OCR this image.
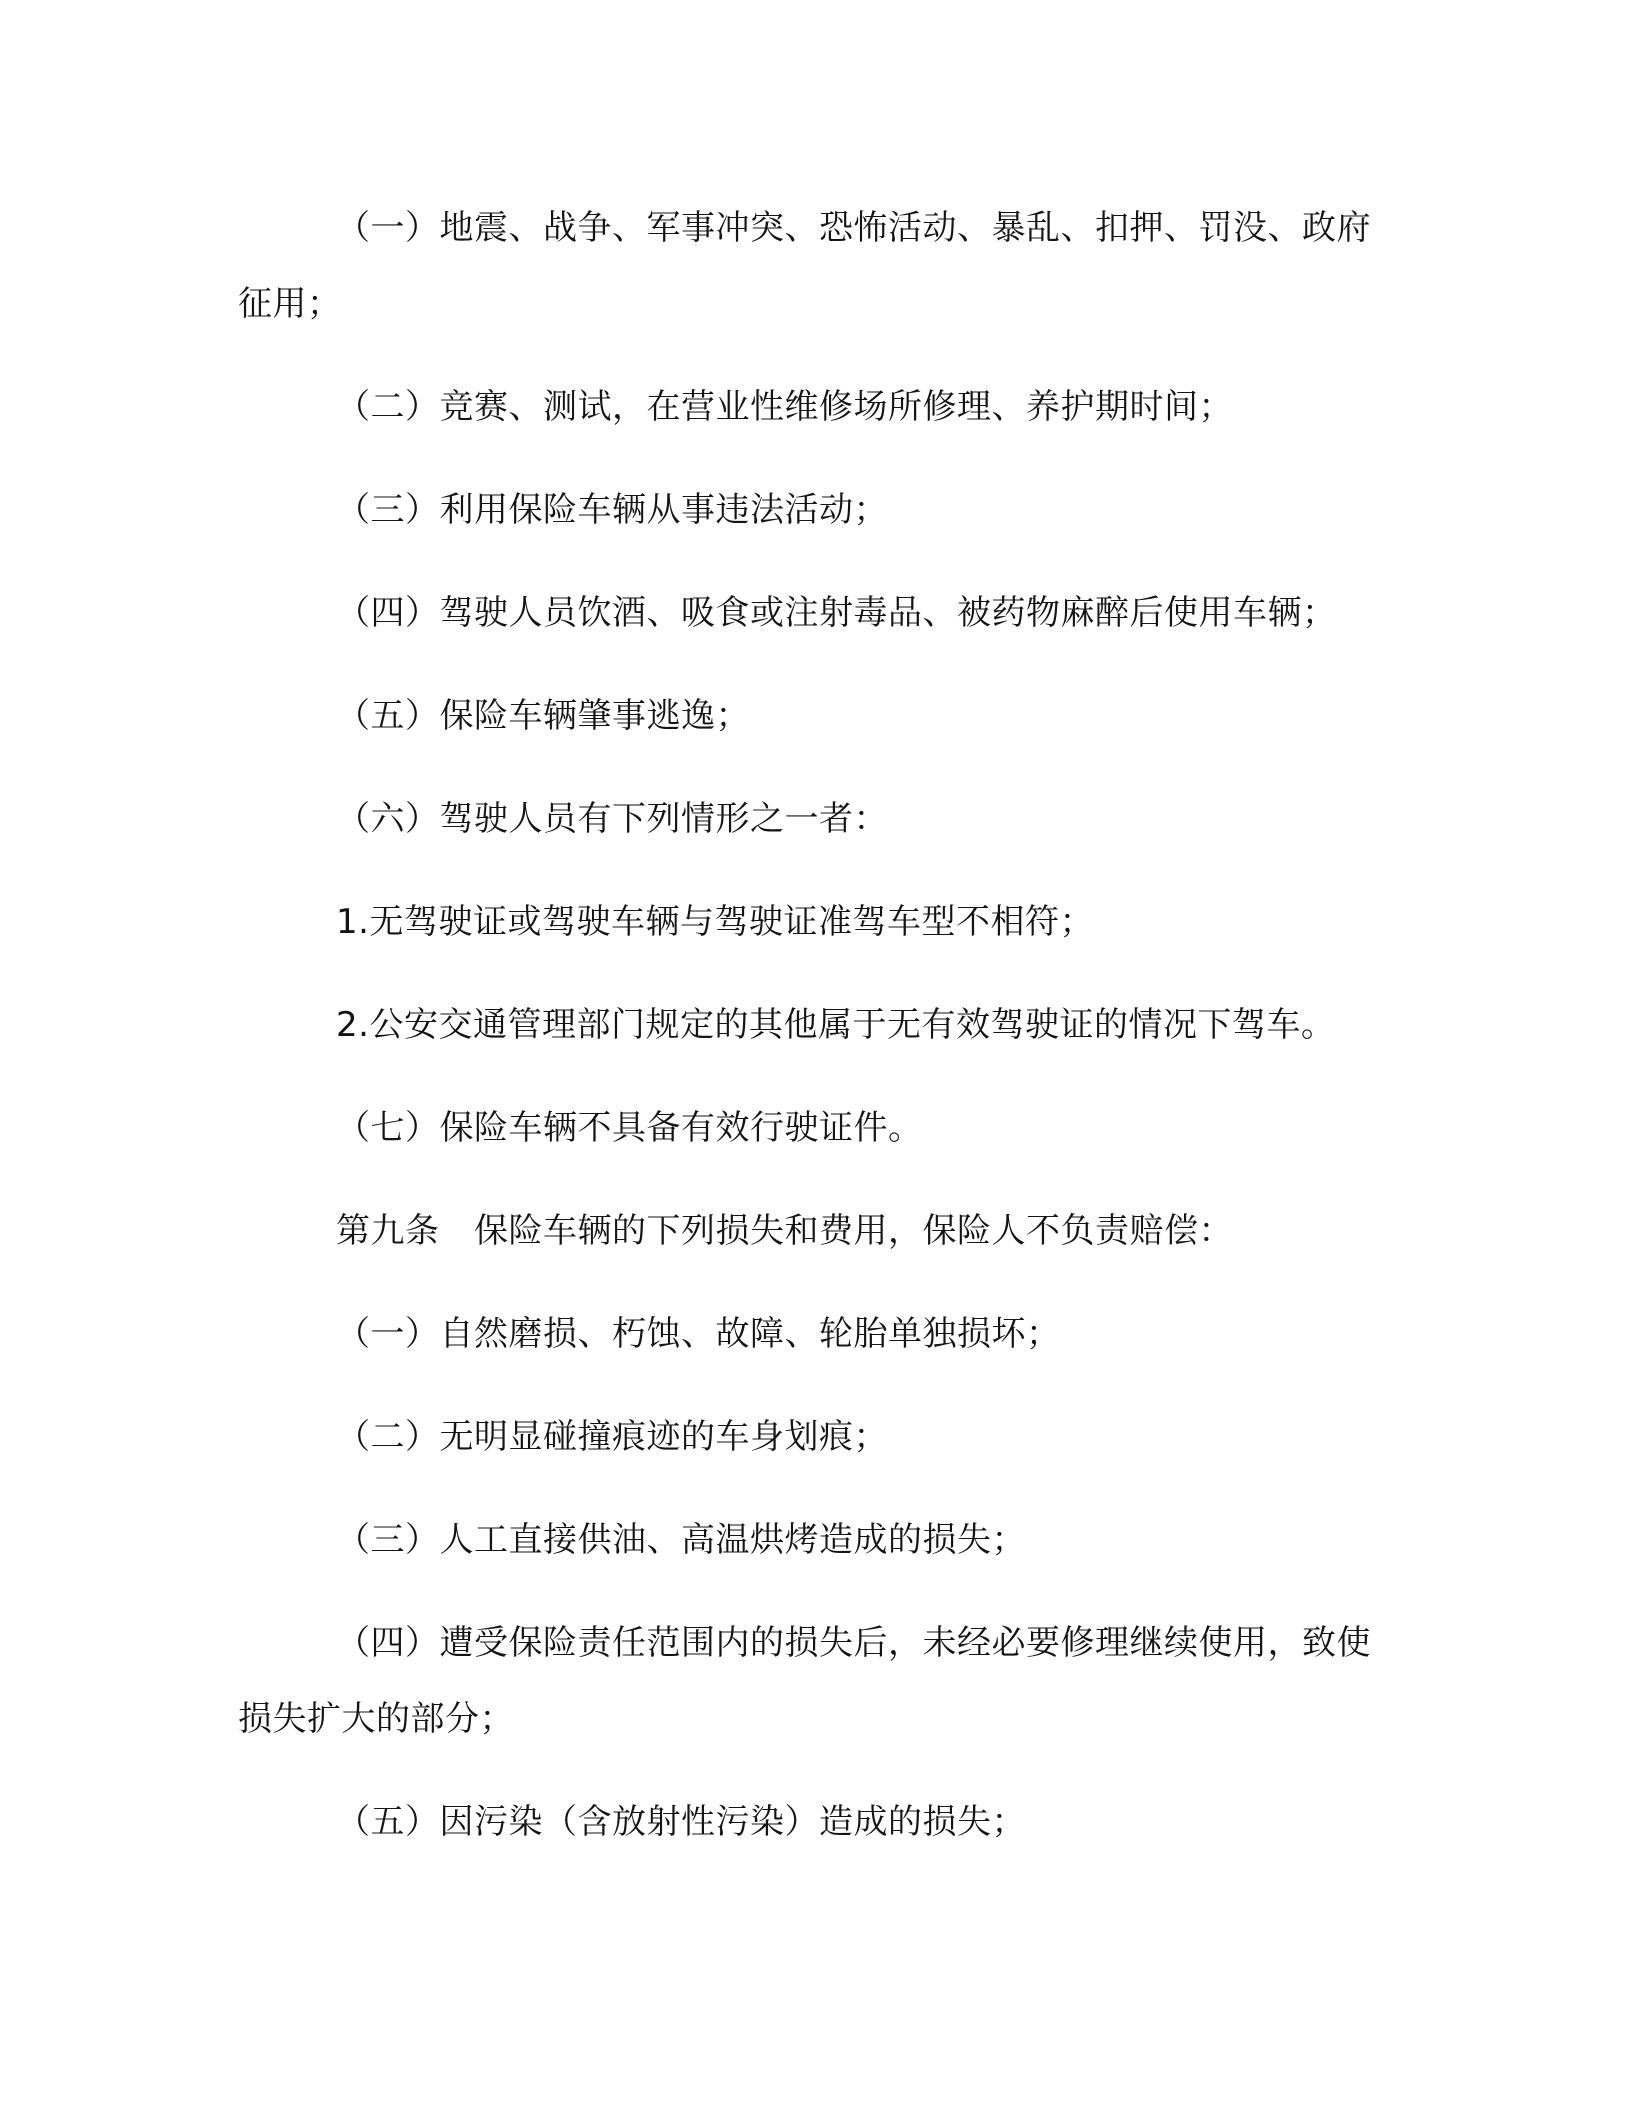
（一）地震、战争、军事冲突、恐怖活动、暴乱、扣押、罚没、政府征用；

（二）竞赛、测试，在营业性维修场所修理、养护期时间；

（三）利用保险车辆从事违法活动；

（四）驾驶人员饮酒、吸食或注射毒品、被药物麻醉后使用车辆；

（五）保险车辆肇事逃逸；

（六）驾驶人员有下列情形之一者：

1.无驾驶证或驾驶车辆与驾驶证准驾车型不相符；

2.公安交通管理部门规定的其他属于无有效驾驶证的情况下驾车。

（七）保险车辆不具备有效行驶证件。

第九条　保险车辆的下列损失和费用，保险人不负责赔偿：

（一）自然磨损、朽蚀、故障、轮胎单独损坏；

（二）无明显碰撞痕迹的车身划痕；

（三）人工直接供油、高温烘烤造成的损失；

（四）遭受保险责任范围内的损失后，未经必要修理继续使用，致使损失扩大的部分；

（五）因污染（含放射性污染）造成的损失；
